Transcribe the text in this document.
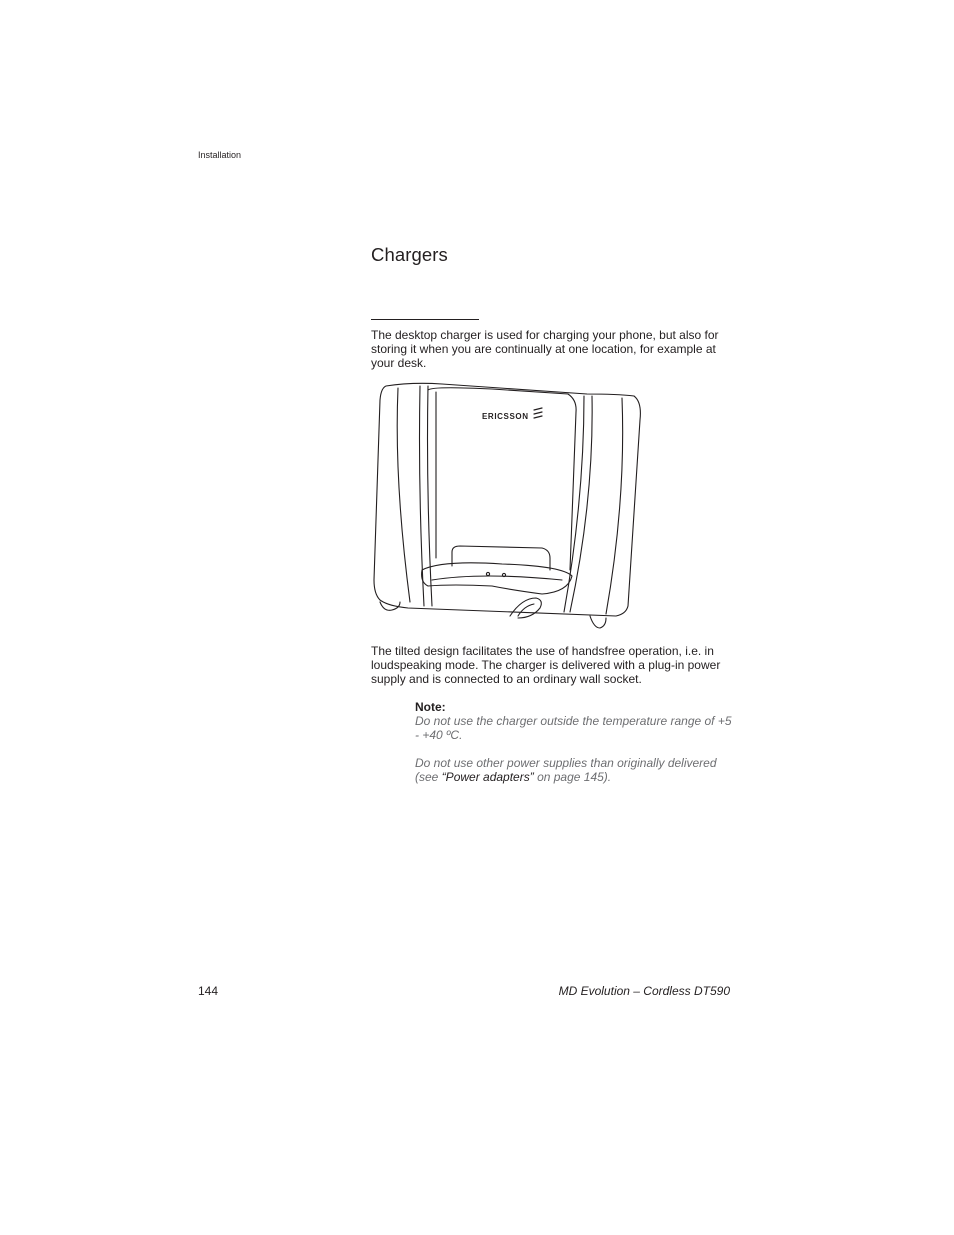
Installation
Chargers

The desktop charger is used for charging your phone, but also for storing it when you are continually at one location, for example at your desk.

ERICSSON

The tilted design facilitates the use of handsfree operation, i.e. in loudspeaking mode. The charger is delivered with a plug-in power supply and is connected to an ordinary wall socket.

Note:
Do not use the charger outside the temperature range of +5 - +40 ºC.
Do not use other power supplies than originally delivered (see “Power adapters” on page 145).
144	MD Evolution – Cordless DT590
